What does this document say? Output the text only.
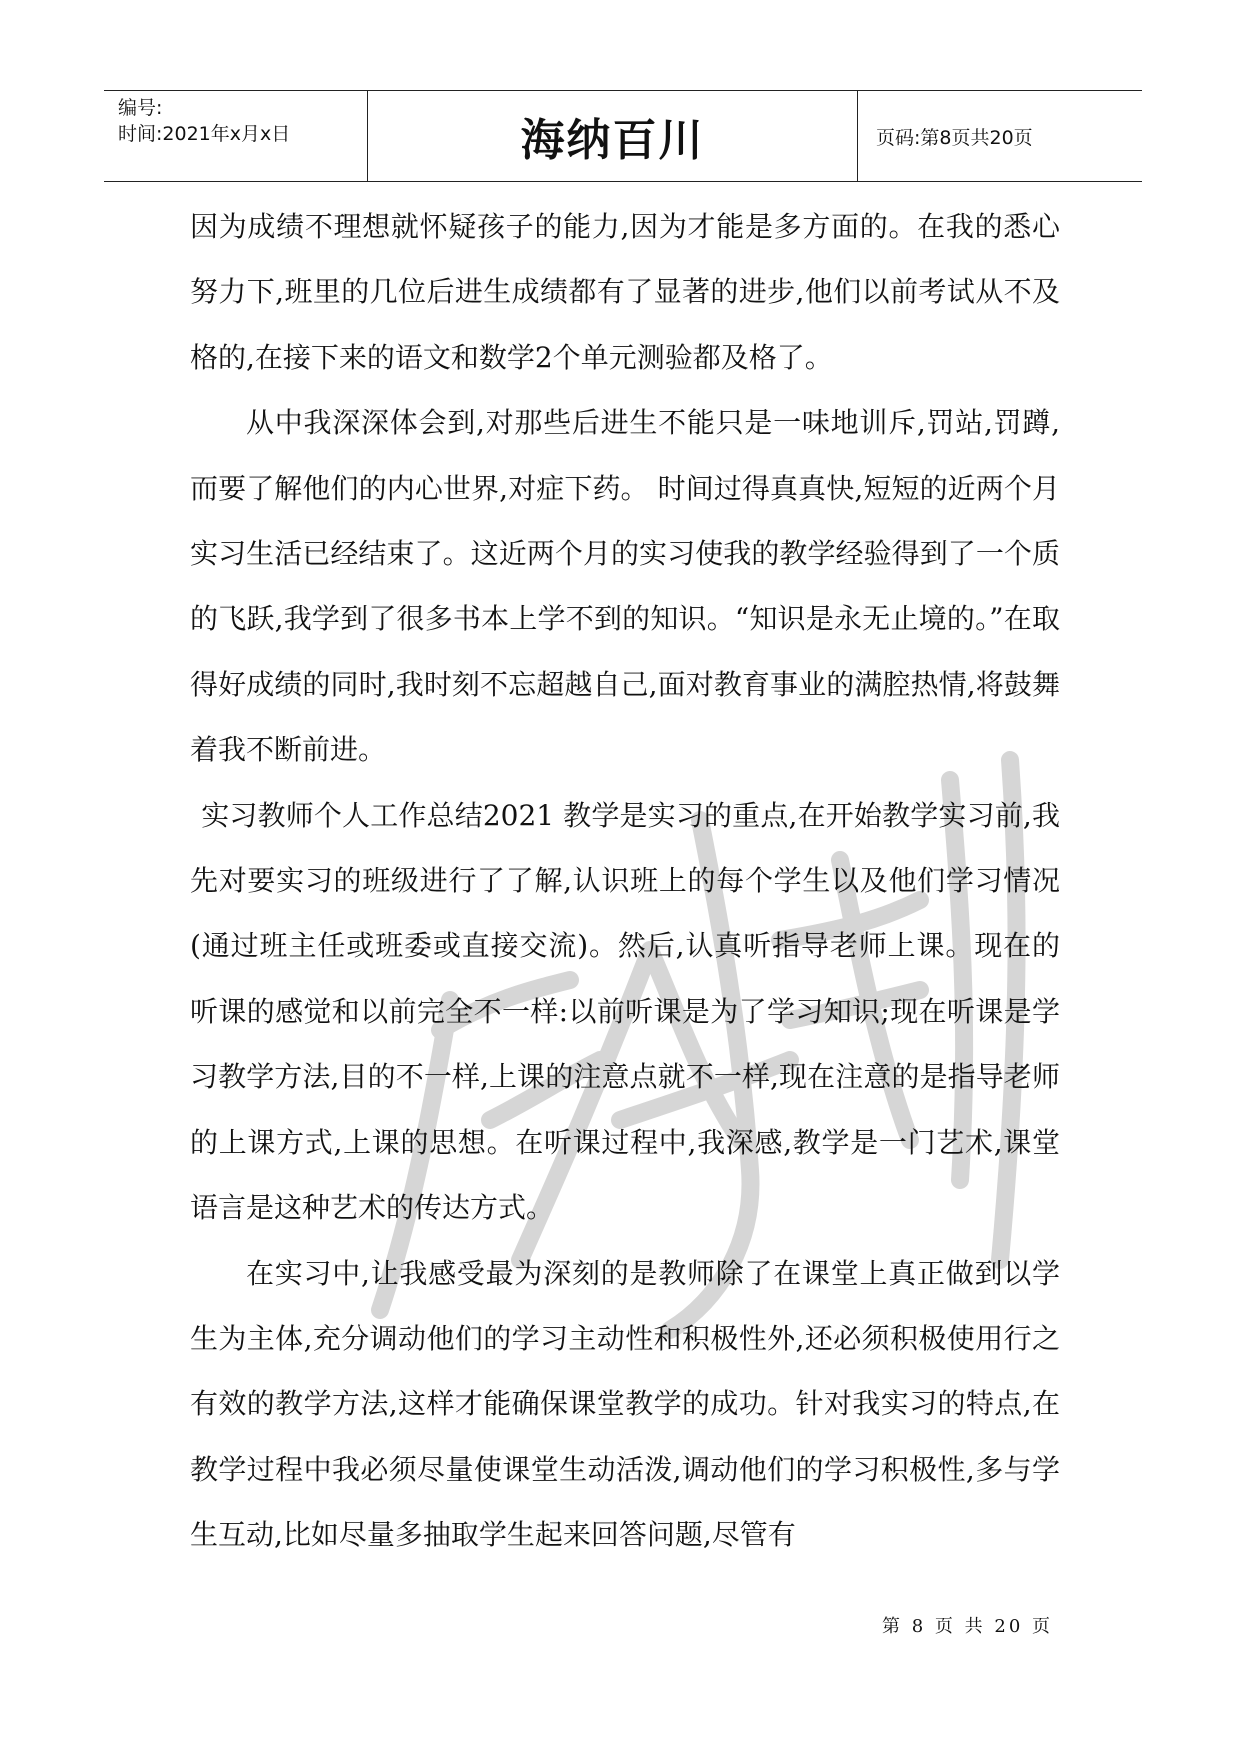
编号:
时间:2021年x月x日	海纳百川	页码:第8页共20页

因为成绩不理想就怀疑孩子的能力,因为才能是多方面的。在我的悉心努力下,班里的几位后进生成绩都有了显著的进步,他们以前考试从不及格的,在接下来的语文和数学2个单元测验都及格了。

从中我深深体会到,对那些后进生不能只是一味地训斥,罚站,罚蹲,而要了解他们的内心世界,对症下药。 时间过得真真快,短短的近两个月实习生活已经结束了。这近两个月的实习使我的教学经验得到了一个质的飞跃,我学到了很多书本上学不到的知识。“知识是永无止境的。”在取得好成绩的同时,我时刻不忘超越自己,面对教育事业的满腔热情,将鼓舞着我不断前进。

实习教师个人工作总结2021 教学是实习的重点,在开始教学实习前,我先对要实习的班级进行了了解,认识班上的每个学生以及他们学习情况(通过班主任或班委或直接交流)。然后,认真听指导老师上课。现在的听课的感觉和以前完全不一样:以前听课是为了学习知识;现在听课是学习教学方法,目的不一样,上课的注意点就不一样,现在注意的是指导老师的上课方式,上课的思想。在听课过程中,我深感,教学是一门艺术,课堂语言是这种艺术的传达方式。

在实习中,让我感受最为深刻的是教师除了在课堂上真正做到以学生为主体,充分调动他们的学习主动性和积极性外,还必须积极使用行之有效的教学方法,这样才能确保课堂教学的成功。针对我实习的特点,在教学过程中我必须尽量使课堂生动活泼,调动他们的学习积极性,多与学生互动,比如尽量多抽取学生起来回答问题,尽管有

第 8 页 共 20 页
